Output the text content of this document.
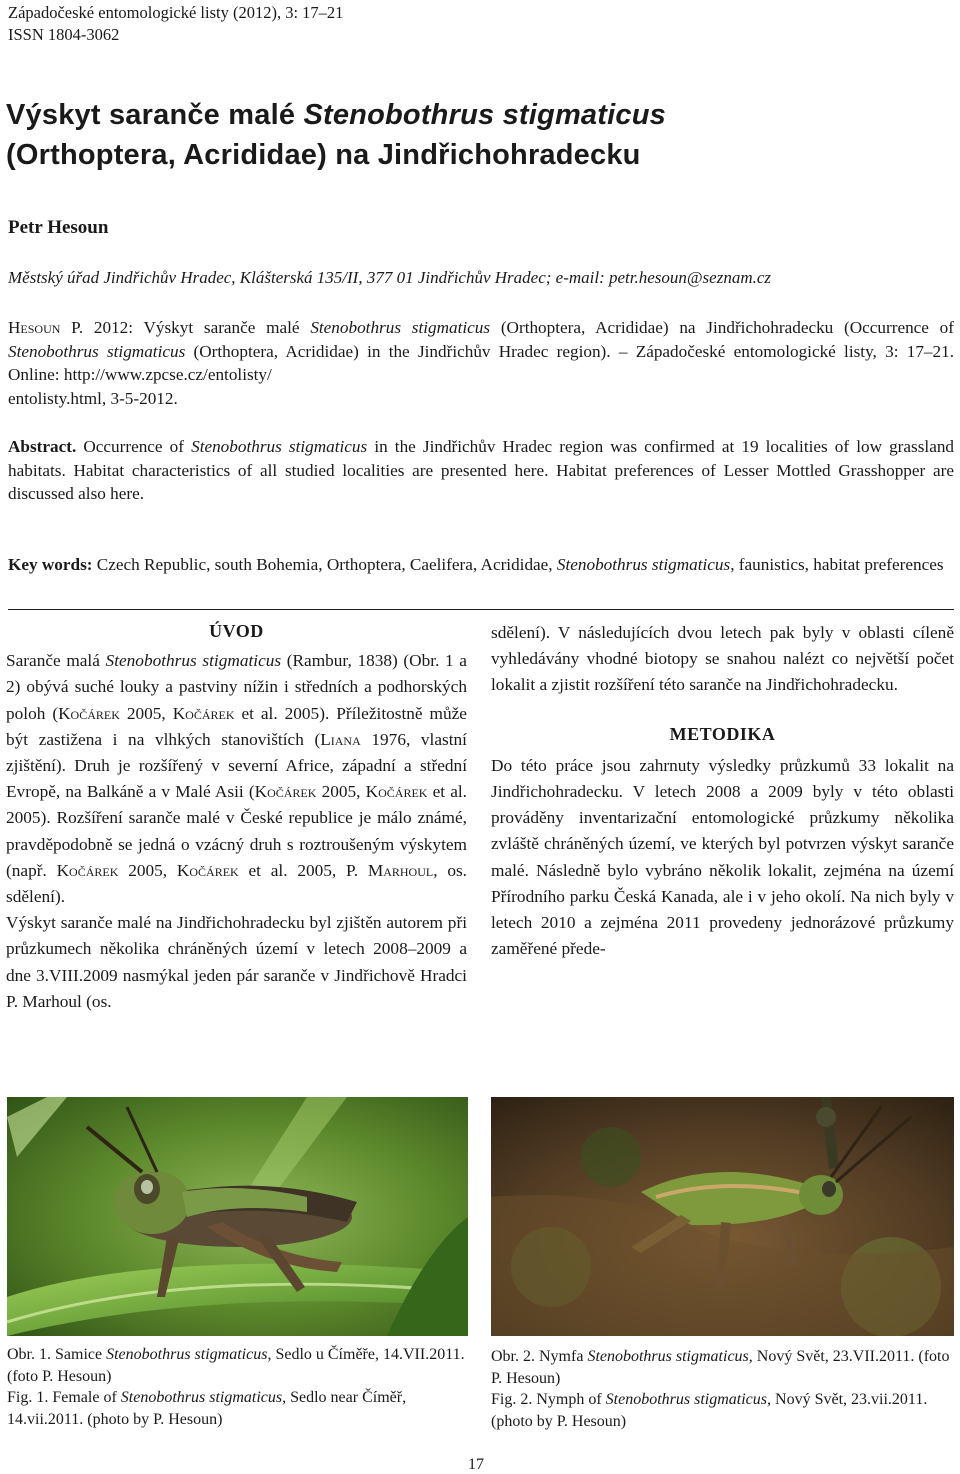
Západočeské entomologické listy (2012), 3: 17–21
ISSN 1804-3062
Výskyt saranče malé Stenobothrus stigmaticus
(Orthoptera, Acrididae) na Jindřichohradecku
Petr Hesoun
Městský úřad Jindřichův Hradec, Klášterská 135/II, 377 01 Jindřichův Hradec; e-mail: petr.hesoun@seznam.cz
Hesoun P. 2012: Výskyt saranče malé Stenobothrus stigmaticus (Orthoptera, Acrididae) na Jindřichohradecku (Occurrence of Stenobothrus stigmaticus (Orthoptera, Acrididae) in the Jindřichův Hradec region). – Západočeské entomologické listy, 3: 17–21. Online: http://www.zpcse.cz/entolisty/
entolisty.html, 3-5-2012.
Abstract. Occurrence of Stenobothrus stigmaticus in the Jindřichův Hradec region was confirmed at 19 localities of low grassland habitats. Habitat characteristics of all studied localities are presented here. Habitat preferences of Lesser Mottled Grasshopper are discussed also here.
Key words: Czech Republic, south Bohemia, Orthoptera, Caelifera, Acrididae, Stenobothrus stigmaticus, faunistics, habitat preferences
ÚVOD

Saranče malá Stenobothrus stigmaticus (Rambur, 1838) (Obr. 1 a 2) obývá suché louky a pastviny nížin i středních a podhorských poloh (Kočárek 2005, Kočárek et al. 2005). Příležitostně může být zastižena i na vlhkých stanovištích (Liana 1976, vlastní zjištění). Druh je rozšířený v severní Africe, západní a střední Evropě, na Balkáně a v Malé Asii (Kočárek 2005, Kočárek et al. 2005). Rozšíření saranče malé v České republice je málo známé, pravděpodobně se jedná o vzácný druh s roztroušeným výskytem (např. Kočárek 2005, Kočárek et al. 2005, P. Marhoul, os. sdělení).

Výskyt saranče malé na Jindřichohradecku byl zjištěn autorem při průzkumech několika chráněných území v letech 2008–2009 a dne 3.VIII.2009 nasmýkal jeden pár saranče v Jindřichově Hradci P. Marhoul (os.

sdělení). V následujících dvou letech pak byly v oblasti cíleně vyhledávány vhodné biotopy se snahou nalézt co největší počet lokalit a zjistit rozšíření této saranče na Jindřichohradecku.

METODIKA

Do této práce jsou zahrnuty výsledky průzkumů 33 lokalit na Jindřichohradecku. V letech 2008 a 2009 byly v této oblasti prováděny inventarizační entomologické průzkumy několika zvláště chráněných území, ve kterých byl potvrzen výskyt saranče malé. Následně bylo vybráno několik lokalit, zejména na území Přírodního parku Česká Kanada, ale i v jeho okolí. Na nich byly v letech 2010 a zejména 2011 provedeny jednorázové průzkumy zaměřené přede-

Obr. 1. Samice Stenobothrus stigmaticus, Sedlo u Číměře, 14.VII.2011. (foto P. Hesoun)
Fig. 1. Female of Stenobothrus stigmaticus, Sedlo near Číměř, 14.vii.2011. (photo by P. Hesoun)
Obr. 2. Nymfa Stenobothrus stigmaticus, Nový Svět, 23.VII.2011. (foto P. Hesoun)
Fig. 2. Nymph of Stenobothrus stigmaticus, Nový Svět, 23.vii.2011. (photo by P. Hesoun)
17
